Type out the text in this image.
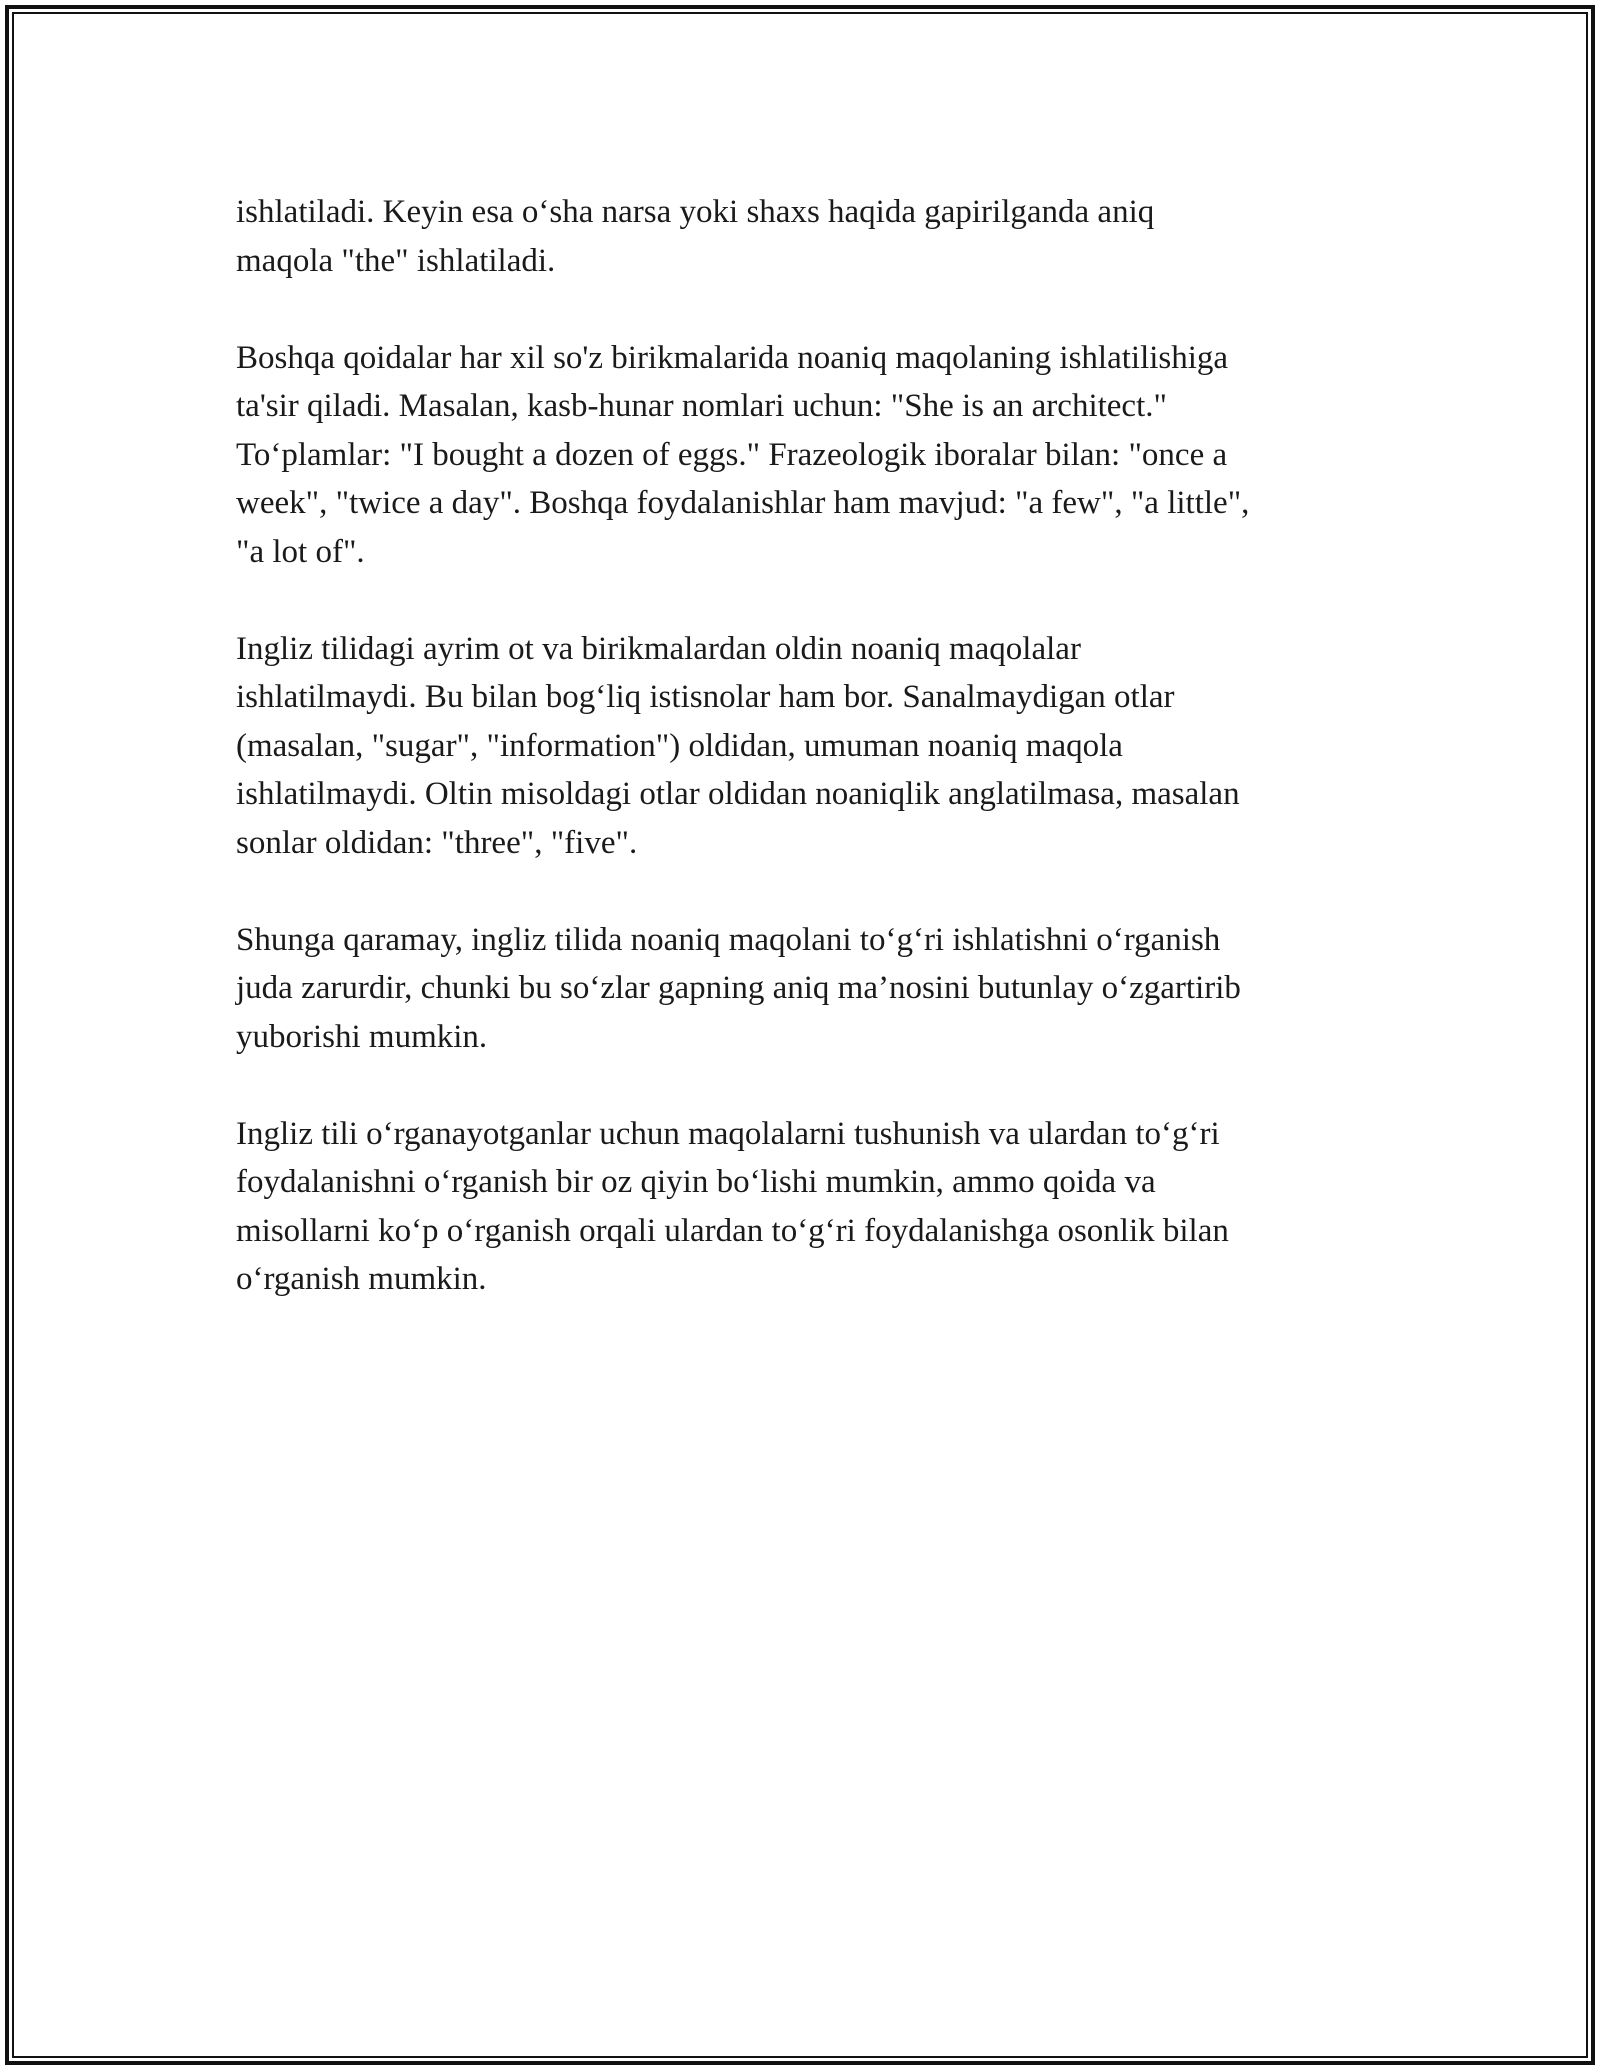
ishlatiladi. Keyin esa o‘sha narsa yoki shaxs haqida gapirilganda aniq
maqola "the" ishlatiladi.

Boshqa qoidalar har xil so'z birikmalarida noaniq maqolaning ishlatilishiga
ta'sir qiladi. Masalan, kasb-hunar nomlari uchun: "She is an architect."
To‘plamlar: "I bought a dozen of eggs." Frazeologik iboralar bilan: "once a
week", "twice a day". Boshqa foydalanishlar ham mavjud: "a few", "a little",
"a lot of".

Ingliz tilidagi ayrim ot va birikmalardan oldin noaniq maqolalar
ishlatilmaydi. Bu bilan bog‘liq istisnolar ham bor. Sanalmaydigan otlar
(masalan, "sugar", "information") oldidan, umuman noaniq maqola
ishlatilmaydi. Oltin misoldagi otlar oldidan noaniqlik anglatilmasa, masalan
sonlar oldidan: "three", "five".

Shunga qaramay, ingliz tilida noaniq maqolani to‘g‘ri ishlatishni o‘rganish
juda zarurdir, chunki bu so‘zlar gapning aniq ma’nosini butunlay o‘zgartirib
yuborishi mumkin.

Ingliz tili o‘rganayotganlar uchun maqolalarni tushunish va ulardan to‘g‘ri
foydalanishni o‘rganish bir oz qiyin bo‘lishi mumkin, ammo qoida va
misollarni ko‘p o‘rganish orqali ulardan to‘g‘ri foydalanishga osonlik bilan
o‘rganish mumkin.
